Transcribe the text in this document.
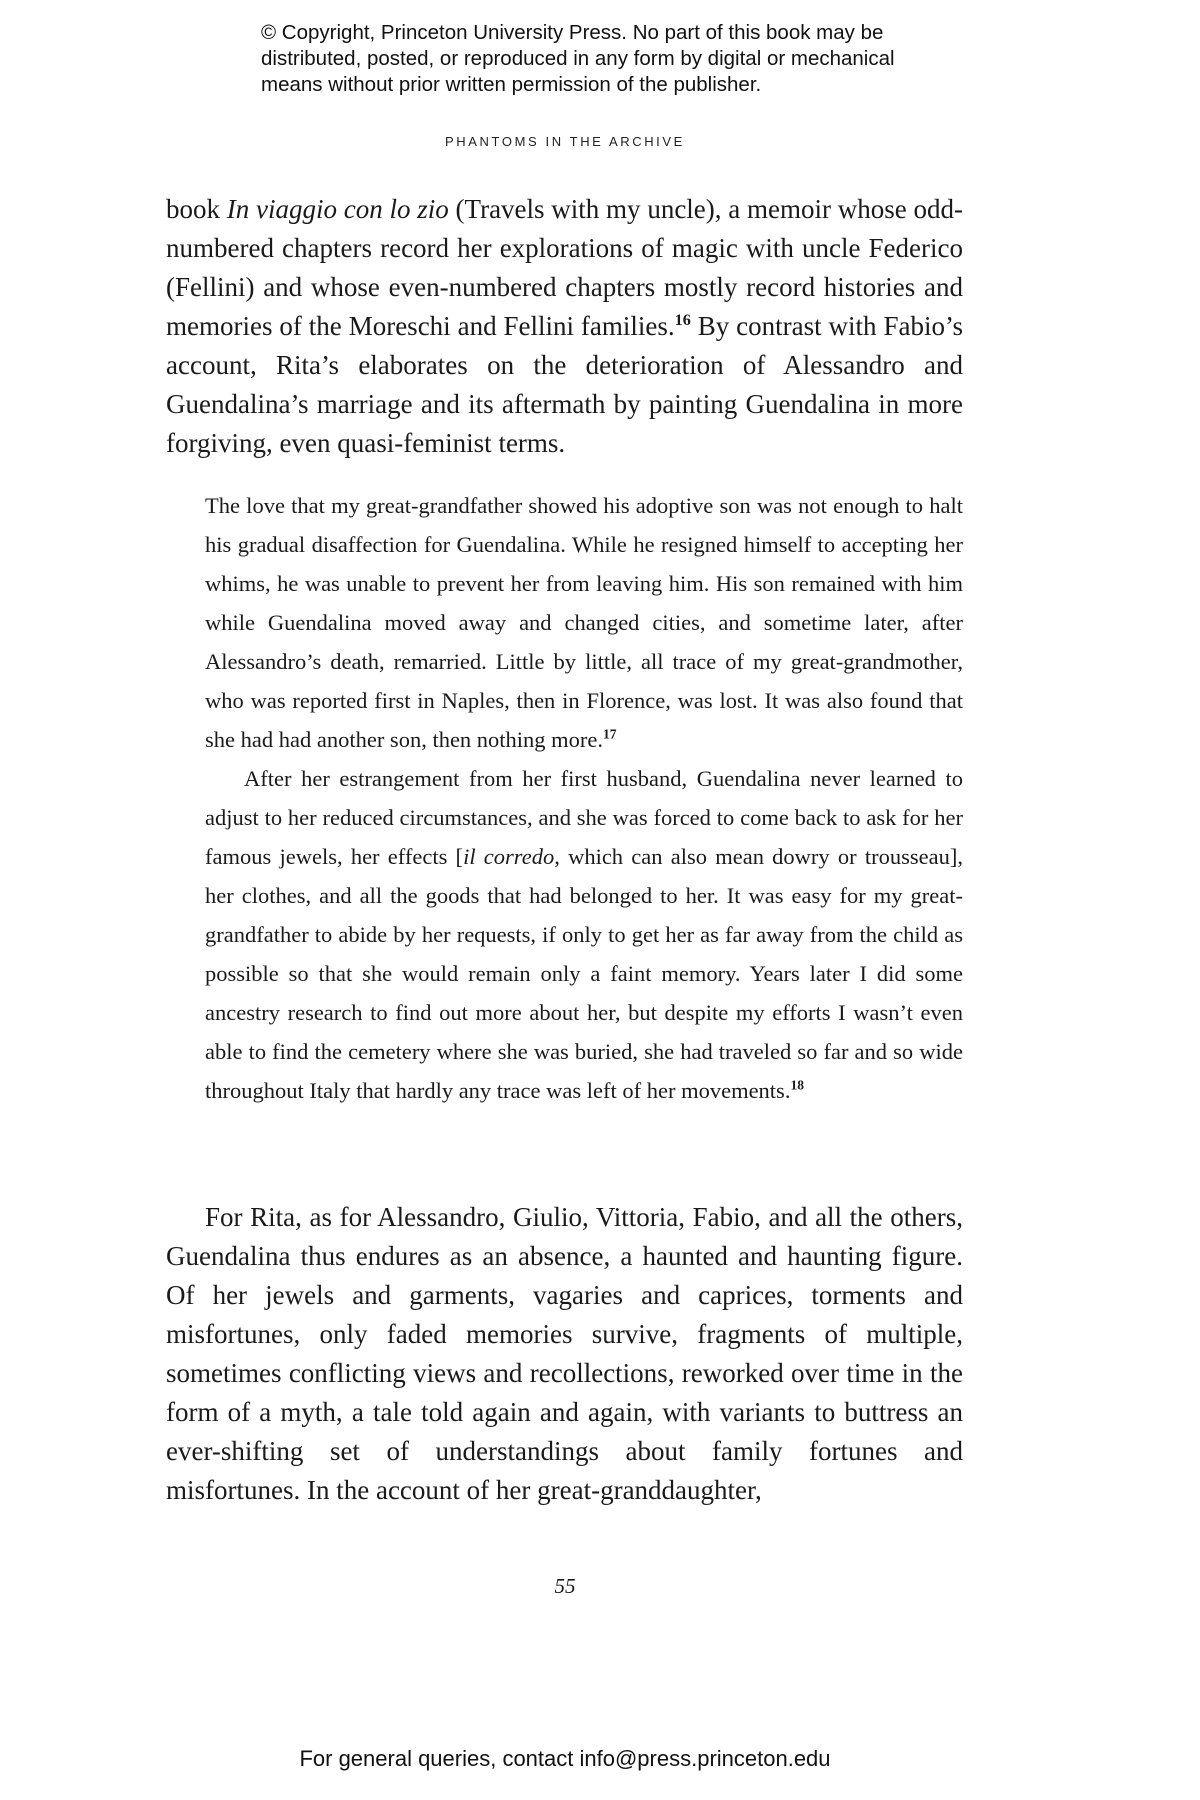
© Copyright, Princeton University Press. No part of this book may be distributed, posted, or reproduced in any form by digital or mechanical means without prior written permission of the publisher.
PHANTOMS IN THE ARCHIVE

book In viaggio con lo zio (Travels with my uncle), a memoir whose odd-numbered chapters record her explorations of magic with uncle Federico (Fellini) and whose even-numbered chapters mostly record histories and memories of the Moreschi and Fellini families.$^{16}$ By contrast with Fabio’s account, Rita’s elaborates on the deterioration of Alessandro and Guendalina’s marriage and its aftermath by painting Guendalina in more forgiving, even quasi-feminist terms.

The love that my great-grandfather showed his adoptive son was not enough to halt his gradual disaffection for Guendalina. While he resigned himself to accepting her whims, he was unable to prevent her from leaving him. His son remained with him while Guendalina moved away and changed cities, and sometime later, after Alessandro’s death, remarried. Little by little, all trace of my great-grandmother, who was reported first in Naples, then in Florence, was lost. It was also found that she had had another son, then nothing more.$^{17}$

After her estrangement from her first husband, Guendalina never learned to adjust to her reduced circumstances, and she was forced to come back to ask for her famous jewels, her effects [il corredo, which can also mean dowry or trousseau], her clothes, and all the goods that had belonged to her. It was easy for my great-grandfather to abide by her requests, if only to get her as far away from the child as possible so that she would remain only a faint memory. Years later I did some ancestry research to find out more about her, but despite my efforts I wasn’t even able to find the cemetery where she was buried, she had traveled so far and so wide throughout Italy that hardly any trace was left of her movements.$^{18}$

For Rita, as for Alessandro, Giulio, Vittoria, Fabio, and all the others, Guendalina thus endures as an absence, a haunted and haunting figure. Of her jewels and garments, vagaries and caprices, torments and misfortunes, only faded memories survive, fragments of multiple, sometimes conflicting views and recollections, reworked over time in the form of a myth, a tale told again and again, with variants to buttress an ever-shifting set of understandings about family fortunes and misfortunes. In the account of her great-granddaughter,

55
For general queries, contact info@press.princeton.edu
